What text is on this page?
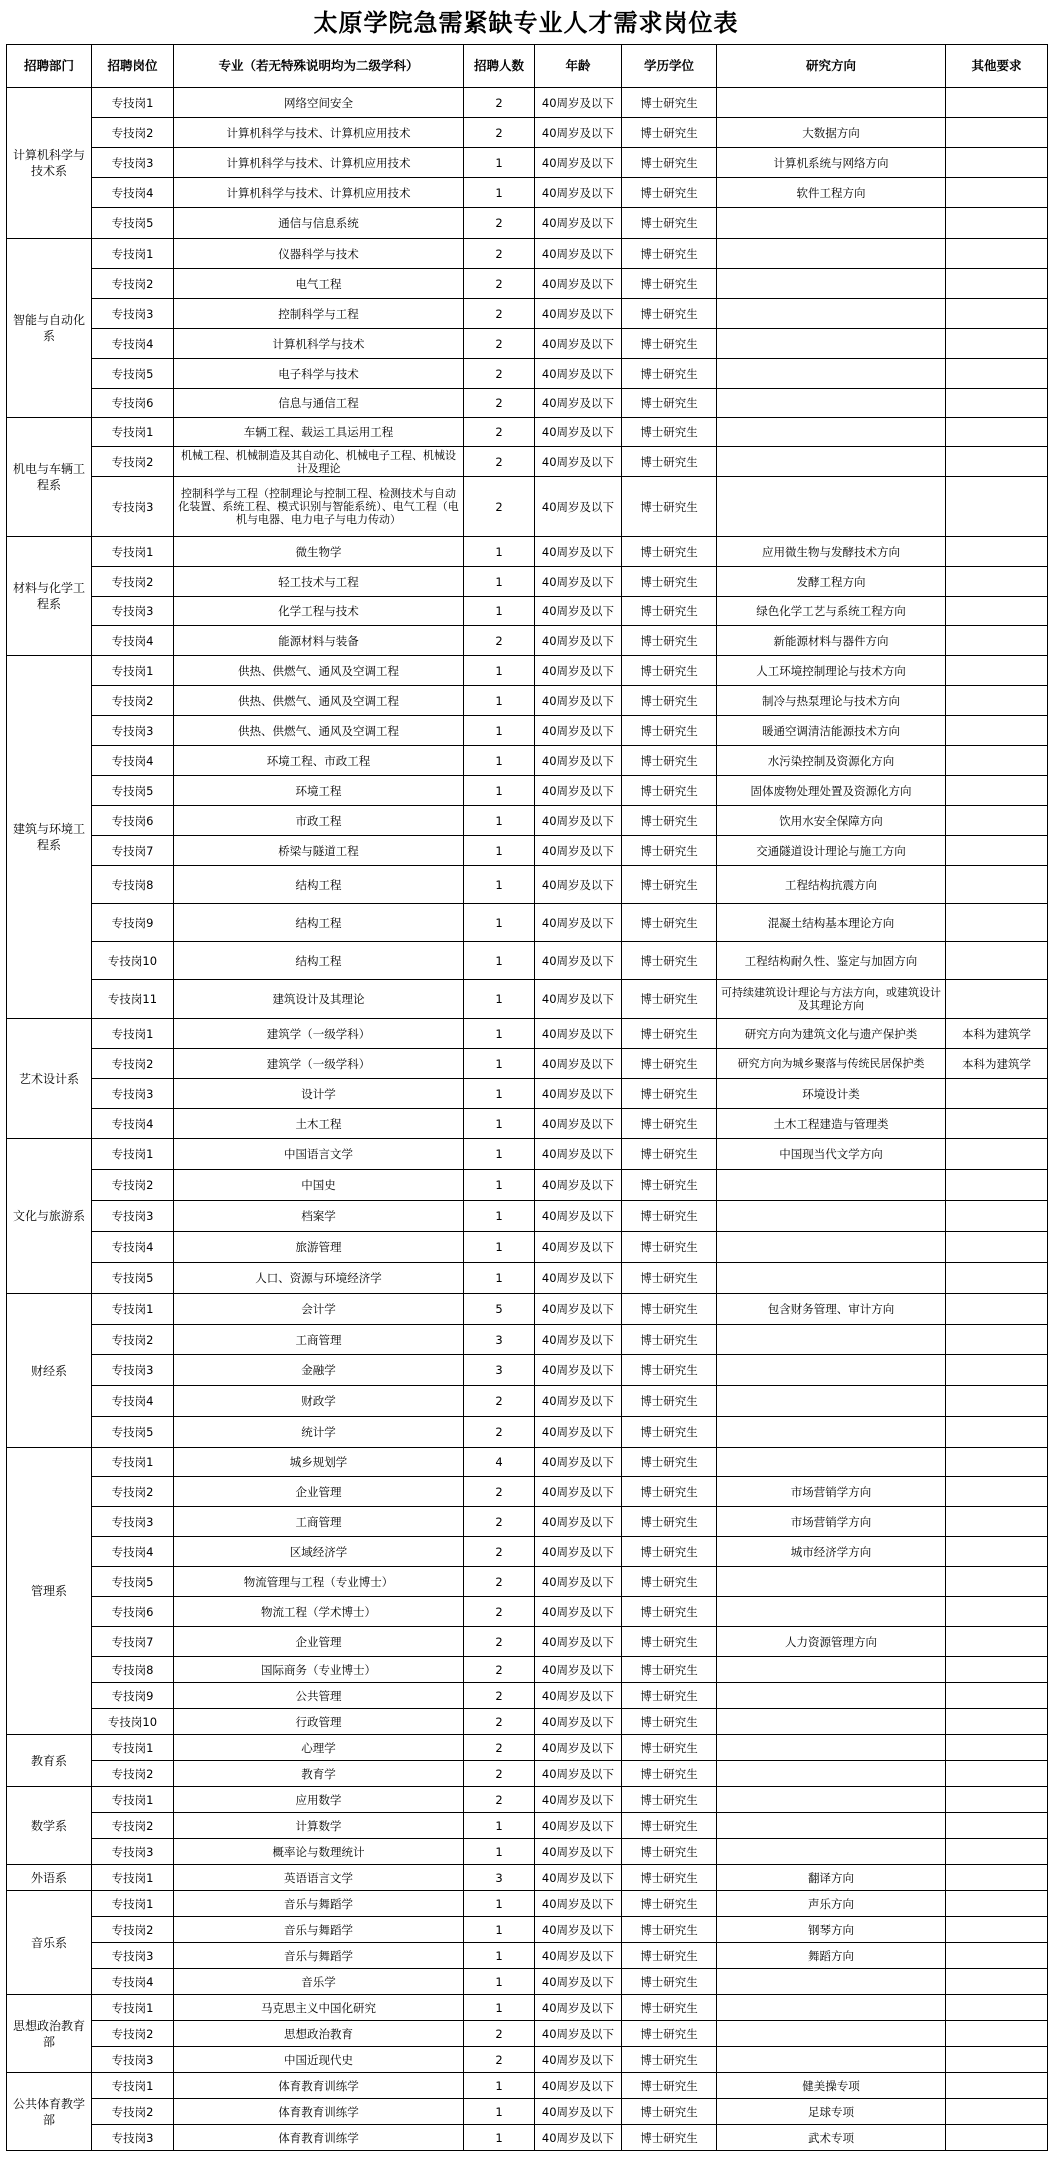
太原学院急需紧缺专业人才需求岗位表
招聘部门	招聘岗位	专业（若无特殊说明均为二级学科）	招聘人数	年龄	学历学位	研究方向	其他要求
计算机科学与技术系	专技岗1	网络空间安全	2	40周岁及以下	博士研究生		
	专技岗2	计算机科学与技术、计算机应用技术	2	40周岁及以下	博士研究生	大数据方向	
	专技岗3	计算机科学与技术、计算机应用技术	1	40周岁及以下	博士研究生	计算机系统与网络方向	
	专技岗4	计算机科学与技术、计算机应用技术	1	40周岁及以下	博士研究生	软件工程方向	
	专技岗5	通信与信息系统	2	40周岁及以下	博士研究生		
智能与自动化系	专技岗1	仪器科学与技术	2	40周岁及以下	博士研究生		
	专技岗2	电气工程	2	40周岁及以下	博士研究生		
	专技岗3	控制科学与工程	2	40周岁及以下	博士研究生		
	专技岗4	计算机科学与技术	2	40周岁及以下	博士研究生		
	专技岗5	电子科学与技术	2	40周岁及以下	博士研究生		
	专技岗6	信息与通信工程	2	40周岁及以下	博士研究生		
机电与车辆工程系	专技岗1	车辆工程、载运工具运用工程	2	40周岁及以下	博士研究生		
	专技岗2	机械工程、机械制造及其自动化、机械电子工程、机械设计及理论	2	40周岁及以下	博士研究生		
	专技岗3	控制科学与工程（控制理论与控制工程、检测技术与自动化装置、系统工程、模式识别与智能系统）、电气工程（电机与电器、电力电子与电力传动）	2	40周岁及以下	博士研究生		
材料与化学工程系	专技岗1	微生物学	1	40周岁及以下	博士研究生	应用微生物与发酵技术方向	
	专技岗2	轻工技术与工程	1	40周岁及以下	博士研究生	发酵工程方向	
	专技岗3	化学工程与技术	1	40周岁及以下	博士研究生	绿色化学工艺与系统工程方向	
	专技岗4	能源材料与装备	2	40周岁及以下	博士研究生	新能源材料与器件方向	
建筑与环境工程系	专技岗1	供热、供燃气、通风及空调工程	1	40周岁及以下	博士研究生	人工环境控制理论与技术方向	
	专技岗2	供热、供燃气、通风及空调工程	1	40周岁及以下	博士研究生	制冷与热泵理论与技术方向	
	专技岗3	供热、供燃气、通风及空调工程	1	40周岁及以下	博士研究生	暖通空调清洁能源技术方向	
	专技岗4	环境工程、市政工程	1	40周岁及以下	博士研究生	水污染控制及资源化方向	
	专技岗5	环境工程	1	40周岁及以下	博士研究生	固体废物处理处置及资源化方向	
	专技岗6	市政工程	1	40周岁及以下	博士研究生	饮用水安全保障方向	
	专技岗7	桥梁与隧道工程	1	40周岁及以下	博士研究生	交通隧道设计理论与施工方向	
	专技岗8	结构工程	1	40周岁及以下	博士研究生	工程结构抗震方向	
	专技岗9	结构工程	1	40周岁及以下	博士研究生	混凝土结构基本理论方向	
	专技岗10	结构工程	1	40周岁及以下	博士研究生	工程结构耐久性、鉴定与加固方向	
	专技岗11	建筑设计及其理论	1	40周岁及以下	博士研究生	可持续建筑设计理论与方法方向，或建筑设计及其理论方向	
艺术设计系	专技岗1	建筑学（一级学科）	1	40周岁及以下	博士研究生	研究方向为建筑文化与遗产保护类	本科为建筑学
	专技岗2	建筑学（一级学科）	1	40周岁及以下	博士研究生	研究方向为城乡聚落与传统民居保护类	本科为建筑学
	专技岗3	设计学	1	40周岁及以下	博士研究生	环境设计类	
	专技岗4	土木工程	1	40周岁及以下	博士研究生	土木工程建造与管理类	
文化与旅游系	专技岗1	中国语言文学	1	40周岁及以下	博士研究生	中国现当代文学方向	
	专技岗2	中国史	1	40周岁及以下	博士研究生		
	专技岗3	档案学	1	40周岁及以下	博士研究生		
	专技岗4	旅游管理	1	40周岁及以下	博士研究生		
	专技岗5	人口、资源与环境经济学	1	40周岁及以下	博士研究生		
财经系	专技岗1	会计学	5	40周岁及以下	博士研究生	包含财务管理、审计方向	
	专技岗2	工商管理	3	40周岁及以下	博士研究生		
	专技岗3	金融学	3	40周岁及以下	博士研究生		
	专技岗4	财政学	2	40周岁及以下	博士研究生		
	专技岗5	统计学	2	40周岁及以下	博士研究生		
管理系	专技岗1	城乡规划学	4	40周岁及以下	博士研究生		
	专技岗2	企业管理	2	40周岁及以下	博士研究生	市场营销学方向	
	专技岗3	工商管理	2	40周岁及以下	博士研究生	市场营销学方向	
	专技岗4	区域经济学	2	40周岁及以下	博士研究生	城市经济学方向	
	专技岗5	物流管理与工程（专业博士）	2	40周岁及以下	博士研究生		
	专技岗6	物流工程（学术博士）	2	40周岁及以下	博士研究生		
	专技岗7	企业管理	2	40周岁及以下	博士研究生	人力资源管理方向	
	专技岗8	国际商务（专业博士）	2	40周岁及以下	博士研究生		
	专技岗9	公共管理	2	40周岁及以下	博士研究生		
	专技岗10	行政管理	2	40周岁及以下	博士研究生		
教育系	专技岗1	心理学	2	40周岁及以下	博士研究生		
	专技岗2	教育学	2	40周岁及以下	博士研究生		
数学系	专技岗1	应用数学	2	40周岁及以下	博士研究生		
	专技岗2	计算数学	1	40周岁及以下	博士研究生		
	专技岗3	概率论与数理统计	1	40周岁及以下	博士研究生		
外语系	专技岗1	英语语言文学	3	40周岁及以下	博士研究生	翻译方向	
音乐系	专技岗1	音乐与舞蹈学	1	40周岁及以下	博士研究生	声乐方向	
	专技岗2	音乐与舞蹈学	1	40周岁及以下	博士研究生	钢琴方向	
	专技岗3	音乐与舞蹈学	1	40周岁及以下	博士研究生	舞蹈方向	
	专技岗4	音乐学	1	40周岁及以下	博士研究生		
思想政治教育部	专技岗1	马克思主义中国化研究	1	40周岁及以下	博士研究生		
	专技岗2	思想政治教育	2	40周岁及以下	博士研究生		
	专技岗3	中国近现代史	2	40周岁及以下	博士研究生		
公共体育教学部	专技岗1	体育教育训练学	1	40周岁及以下	博士研究生	健美操专项	
	专技岗2	体育教育训练学	1	40周岁及以下	博士研究生	足球专项	
	专技岗3	体育教育训练学	1	40周岁及以下	博士研究生	武术专项	
